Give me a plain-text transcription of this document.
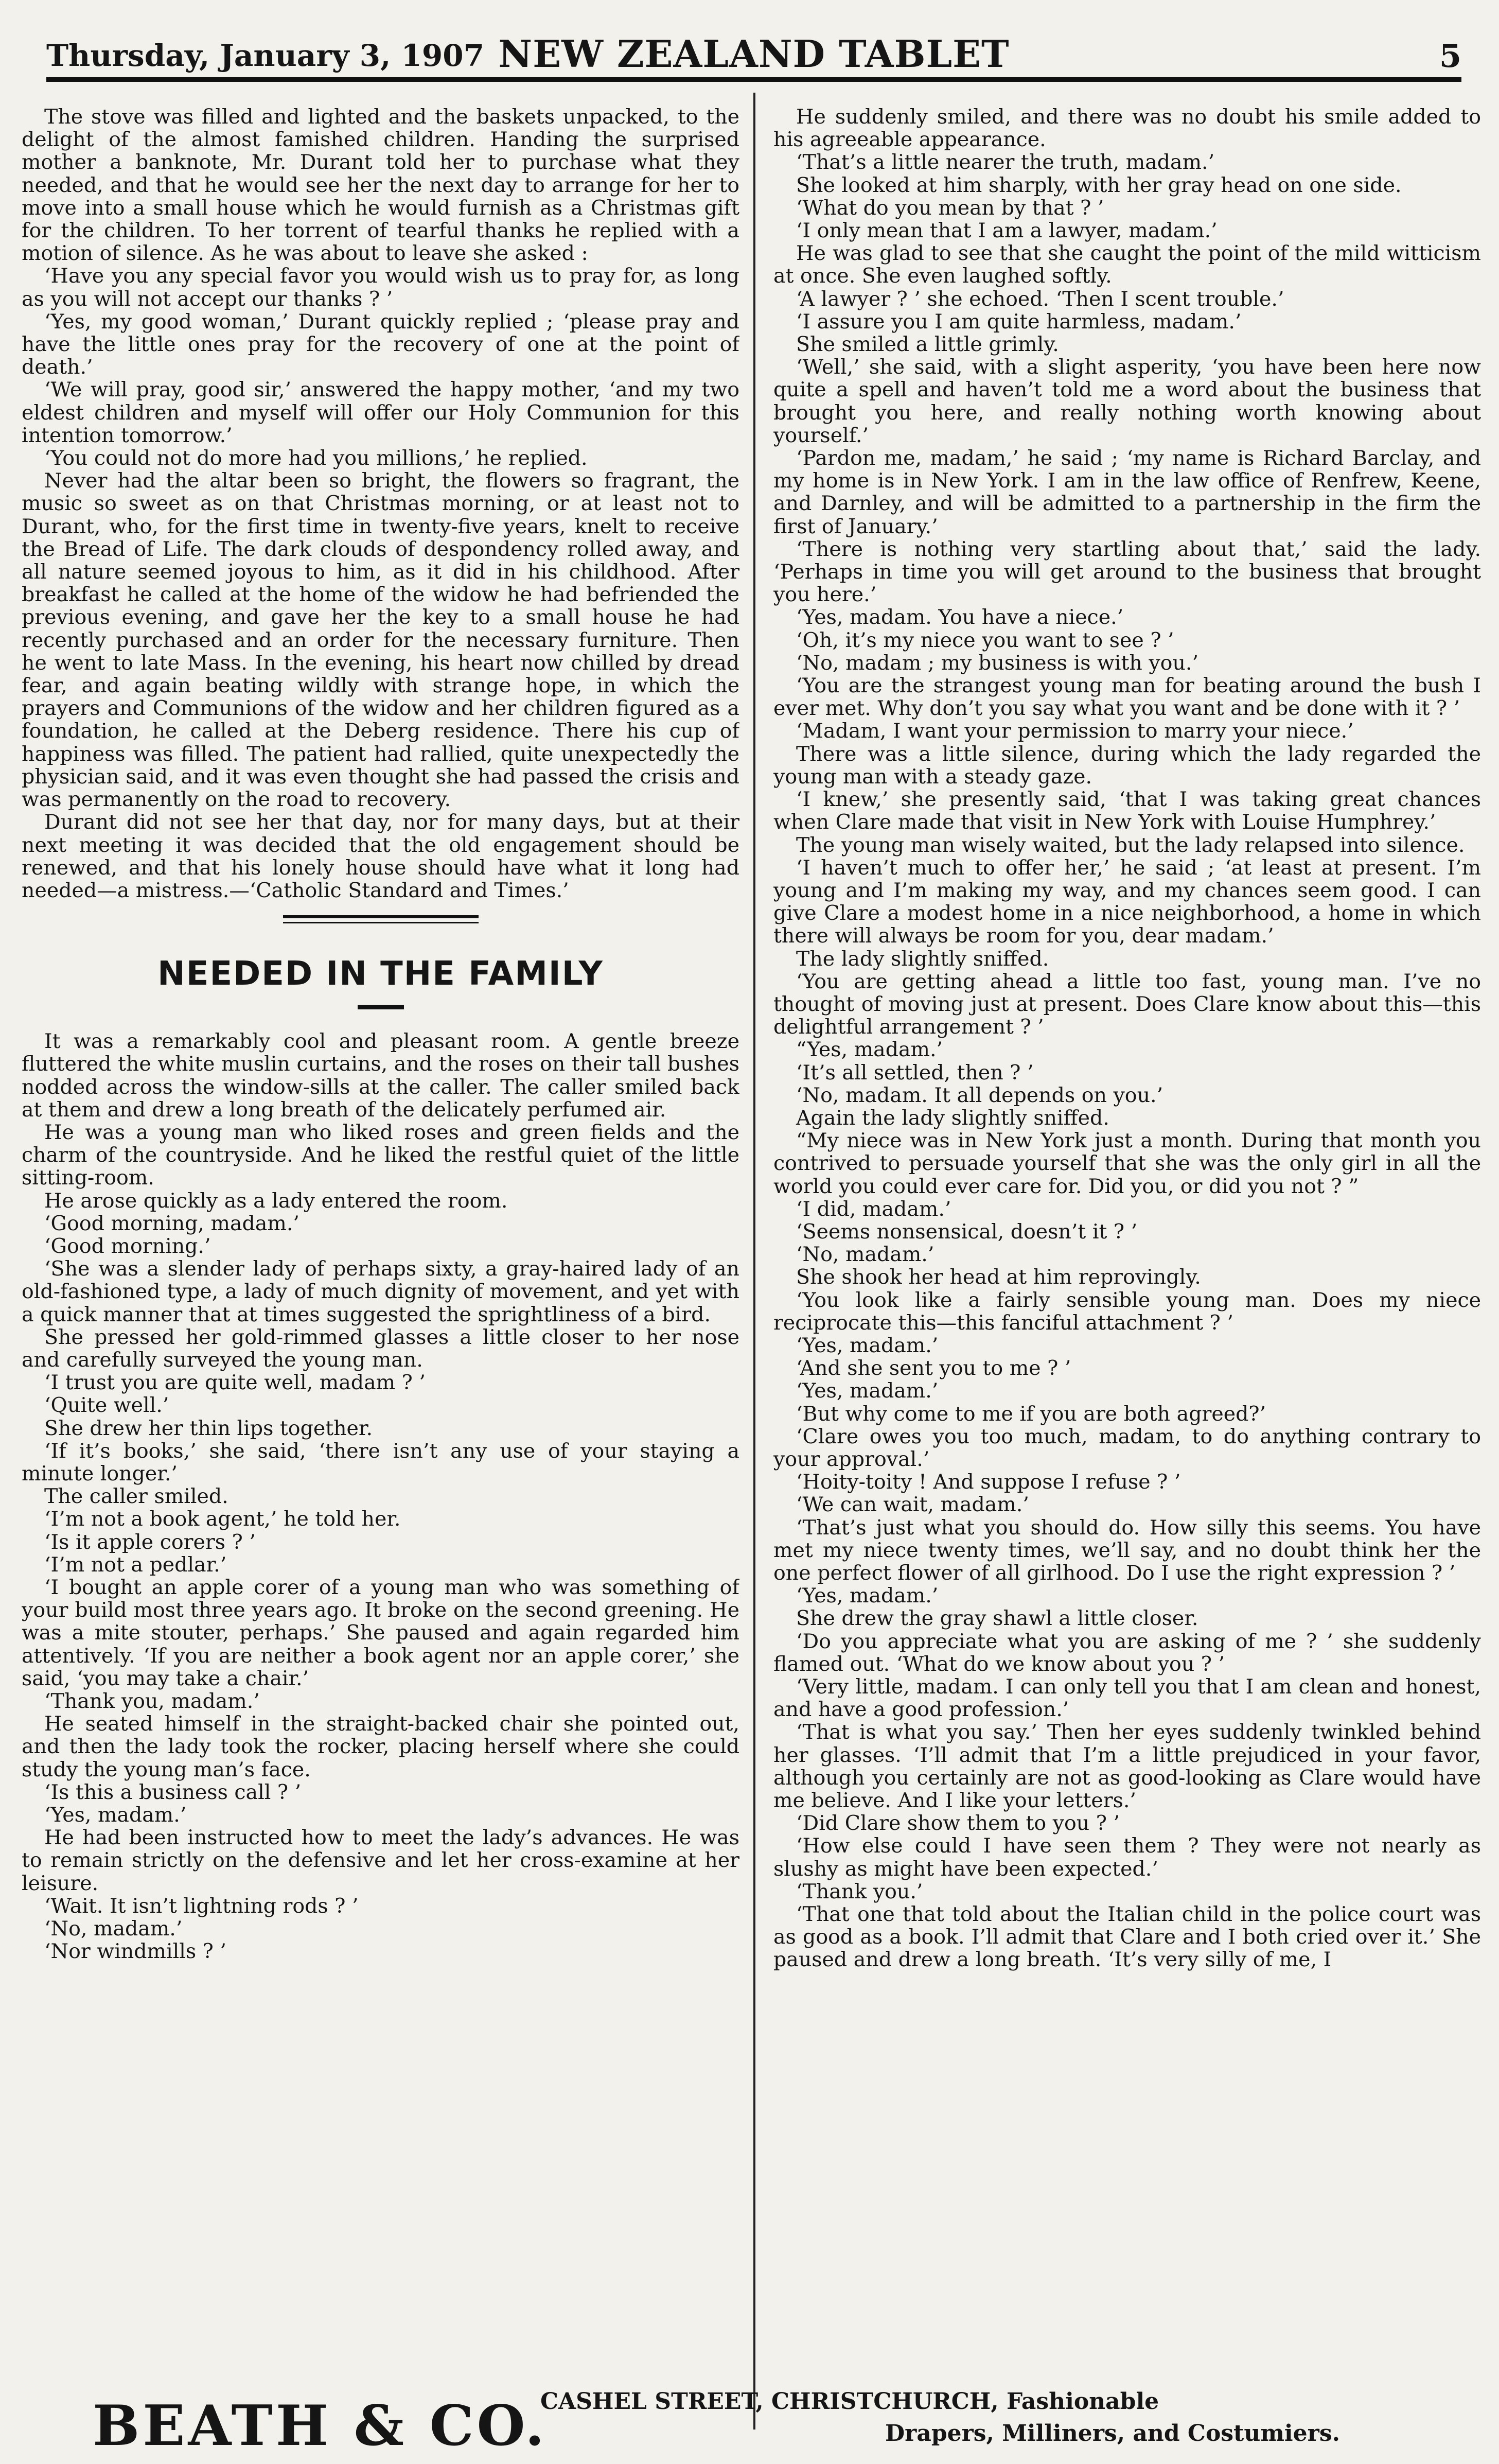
Thursday, January 3, 1907 NEW ZEALAND TABLET	5

The stove was filled and lighted and the baskets unpacked, to the delight of the almost famished children. Handing the surprised mother a banknote, Mr. Durant told her to purchase what they needed, and that he would see her the next day to arrange for her to move into a small house which he would furnish as a Christmas gift for the children. To her torrent of tearful thanks he replied with a motion of silence. As he was about to leave she asked :

‘Have you any special favor you would wish us to pray for, as long as you will not accept our thanks ? ’

‘Yes, my good woman,’ Durant quickly replied ; ‘please pray and have the little ones pray for the recovery of one at the point of death.’

‘We will pray, good sir,’ answered the happy mother, ‘and my two eldest children and myself will offer our Holy Communion for this intention tomorrow.’

‘You could not do more had you millions,’ he replied.

Never had the altar been so bright, the flowers so fragrant, the music so sweet as on that Christmas morning, or at least not to Durant, who, for the first time in twenty-five years, knelt to receive the Bread of Life. The dark clouds of despondency rolled away, and all nature seemed joyous to him, as it did in his childhood. After breakfast he called at the home of the widow he had befriended the previous evening, and gave her the key to a small house he had recently purchased and an order for the necessary furniture. Then he went to late Mass. In the evening, his heart now chilled by dread fear, and again beating wildly with strange hope, in which the prayers and Communions of the widow and her children figured as a foundation, he called at the Deberg residence. There his cup of happiness was filled. The patient had rallied, quite unexpectedly the physician said, and it was even thought she had passed the crisis and was permanently on the road to recovery.

Durant did not see her that day, nor for many days, but at their next meeting it was decided that the old engagement should be renewed, and that his lonely house should have what it long had needed—a mistress.—‘Catholic Standard and Times.’

NEEDED IN THE FAMILY

It was a remarkably cool and pleasant room. A gentle breeze fluttered the white muslin curtains, and the roses on their tall bushes nodded across the window-sills at the caller. The caller smiled back at them and drew a long breath of the delicately perfumed air.

He was a young man who liked roses and green fields and the charm of the countryside. And he liked the restful quiet of the little sitting-room.

He arose quickly as a lady entered the room.

‘Good morning, madam.’

‘Good morning.’

‘She was a slender lady of perhaps sixty, a gray-haired lady of an old-fashioned type, a lady of much dignity of movement, and yet with a quick manner that at times suggested the sprightliness of a bird.

She pressed her gold-rimmed glasses a little closer to her nose and carefully surveyed the young man.

‘I trust you are quite well, madam ? ’

‘Quite well.’

She drew her thin lips together.

‘If it’s books,’ she said, ‘there isn’t any use of your staying a minute longer.’

The caller smiled.

‘I’m not a book agent,’ he told her.

‘Is it apple corers ? ’

‘I’m not a pedlar.’

‘I bought an apple corer of a young man who was something of your build most three years ago. It broke on the second greening. He was a mite stouter, perhaps.’ She paused and again regarded him attentively. ‘If you are neither a book agent nor an apple corer,’ she said, ‘you may take a chair.’

‘Thank you, madam.’

He seated himself in the straight-backed chair she pointed out, and then the lady took the rocker, placing herself where she could study the young man’s face.

‘Is this a business call ? ’

‘Yes, madam.’

He had been instructed how to meet the lady’s advances. He was to remain strictly on the defensive and let her cross-examine at her leisure.

‘Wait. It isn’t lightning rods ? ’

‘No, madam.’

‘Nor windmills ? ’

He suddenly smiled, and there was no doubt his smile added to his agreeable appearance.

‘That’s a little nearer the truth, madam.’

She looked at him sharply, with her gray head on one side.

‘What do you mean by that ? ’

‘I only mean that I am a lawyer, madam.’

He was glad to see that she caught the point of the mild witticism at once. She even laughed softly.

‘A lawyer ? ’ she echoed. ‘Then I scent trouble.’

‘I assure you I am quite harmless, madam.’

She smiled a little grimly.

‘Well,’ she said, with a slight asperity, ‘you have been here now quite a spell and haven’t told me a word about the business that brought you here, and really nothing worth knowing about yourself.’

‘Pardon me, madam,’ he said ; ‘my name is Richard Barclay, and my home is in New York. I am in the law office of Renfrew, Keene, and Darnley, and will be admitted to a partnership in the firm the first of January.’

‘There is nothing very startling about that,’ said the lady. ‘Perhaps in time you will get around to the business that brought you here.’

‘Yes, madam. You have a niece.’

‘Oh, it’s my niece you want to see ? ’

‘No, madam ; my business is with you.’

‘You are the strangest young man for beating around the bush I ever met. Why don’t you say what you want and be done with it ? ’

‘Madam, I want your permission to marry your niece.’

There was a little silence, during which the lady regarded the young man with a steady gaze.

‘I knew,’ she presently said, ‘that I was taking great chances when Clare made that visit in New York with Louise Humphrey.’

The young man wisely waited, but the lady relapsed into silence.

‘I haven’t much to offer her,’ he said ; ‘at least at present. I’m young and I’m making my way, and my chances seem good. I can give Clare a modest home in a nice neighborhood, a home in which there will always be room for you, dear madam.’

The lady slightly sniffed.

‘You are getting ahead a little too fast, young man. I’ve no thought of moving just at present. Does Clare know about this—this delightful arrangement ? ’

“Yes, madam.’

‘It’s all settled, then ? ’

‘No, madam. It all depends on you.’

Again the lady slightly sniffed.

“My niece was in New York just a month. During that month you contrived to persuade yourself that she was the only girl in all the world you could ever care for. Did you, or did you not ? ”

‘I did, madam.’

‘Seems nonsensical, doesn’t it ? ’

‘No, madam.’

She shook her head at him reprovingly.

‘You look like a fairly sensible young man. Does my niece reciprocate this—this fanciful attachment ? ’

‘Yes, madam.’

‘And she sent you to me ? ’

‘Yes, madam.’

‘But why come to me if you are both agreed?’

‘Clare owes you too much, madam, to do anything contrary to your approval.’

‘Hoity-toity ! And suppose I refuse ? ’

‘We can wait, madam.’

‘That’s just what you should do. How silly this seems. You have met my niece twenty times, we’ll say, and no doubt think her the one perfect flower of all girlhood. Do I use the right expression ? ’

‘Yes, madam.’

She drew the gray shawl a little closer.

‘Do you appreciate what you are asking of me ? ’ she suddenly flamed out. ‘What do we know about you ? ’

‘Very little, madam. I can only tell you that I am clean and honest, and have a good profession.’

‘That is what you say.’ Then her eyes suddenly twinkled behind her glasses. ‘I’ll admit that I’m a little prejudiced in your favor, although you certainly are not as good-looking as Clare would have me believe. And I like your letters.’

‘Did Clare show them to you ? ’

‘How else could I have seen them ? They were not nearly as slushy as might have been expected.’

‘Thank you.’

‘That one that told about the Italian child in the police court was as good as a book. I’ll admit that Clare and I both cried over it.’ She paused and drew a long breath. ‘It’s very silly of me, I

BEATH & CO.
CASHEL STREET, CHRISTCHURCH, Fashionable
Drapers, Milliners, and Costumiers.
